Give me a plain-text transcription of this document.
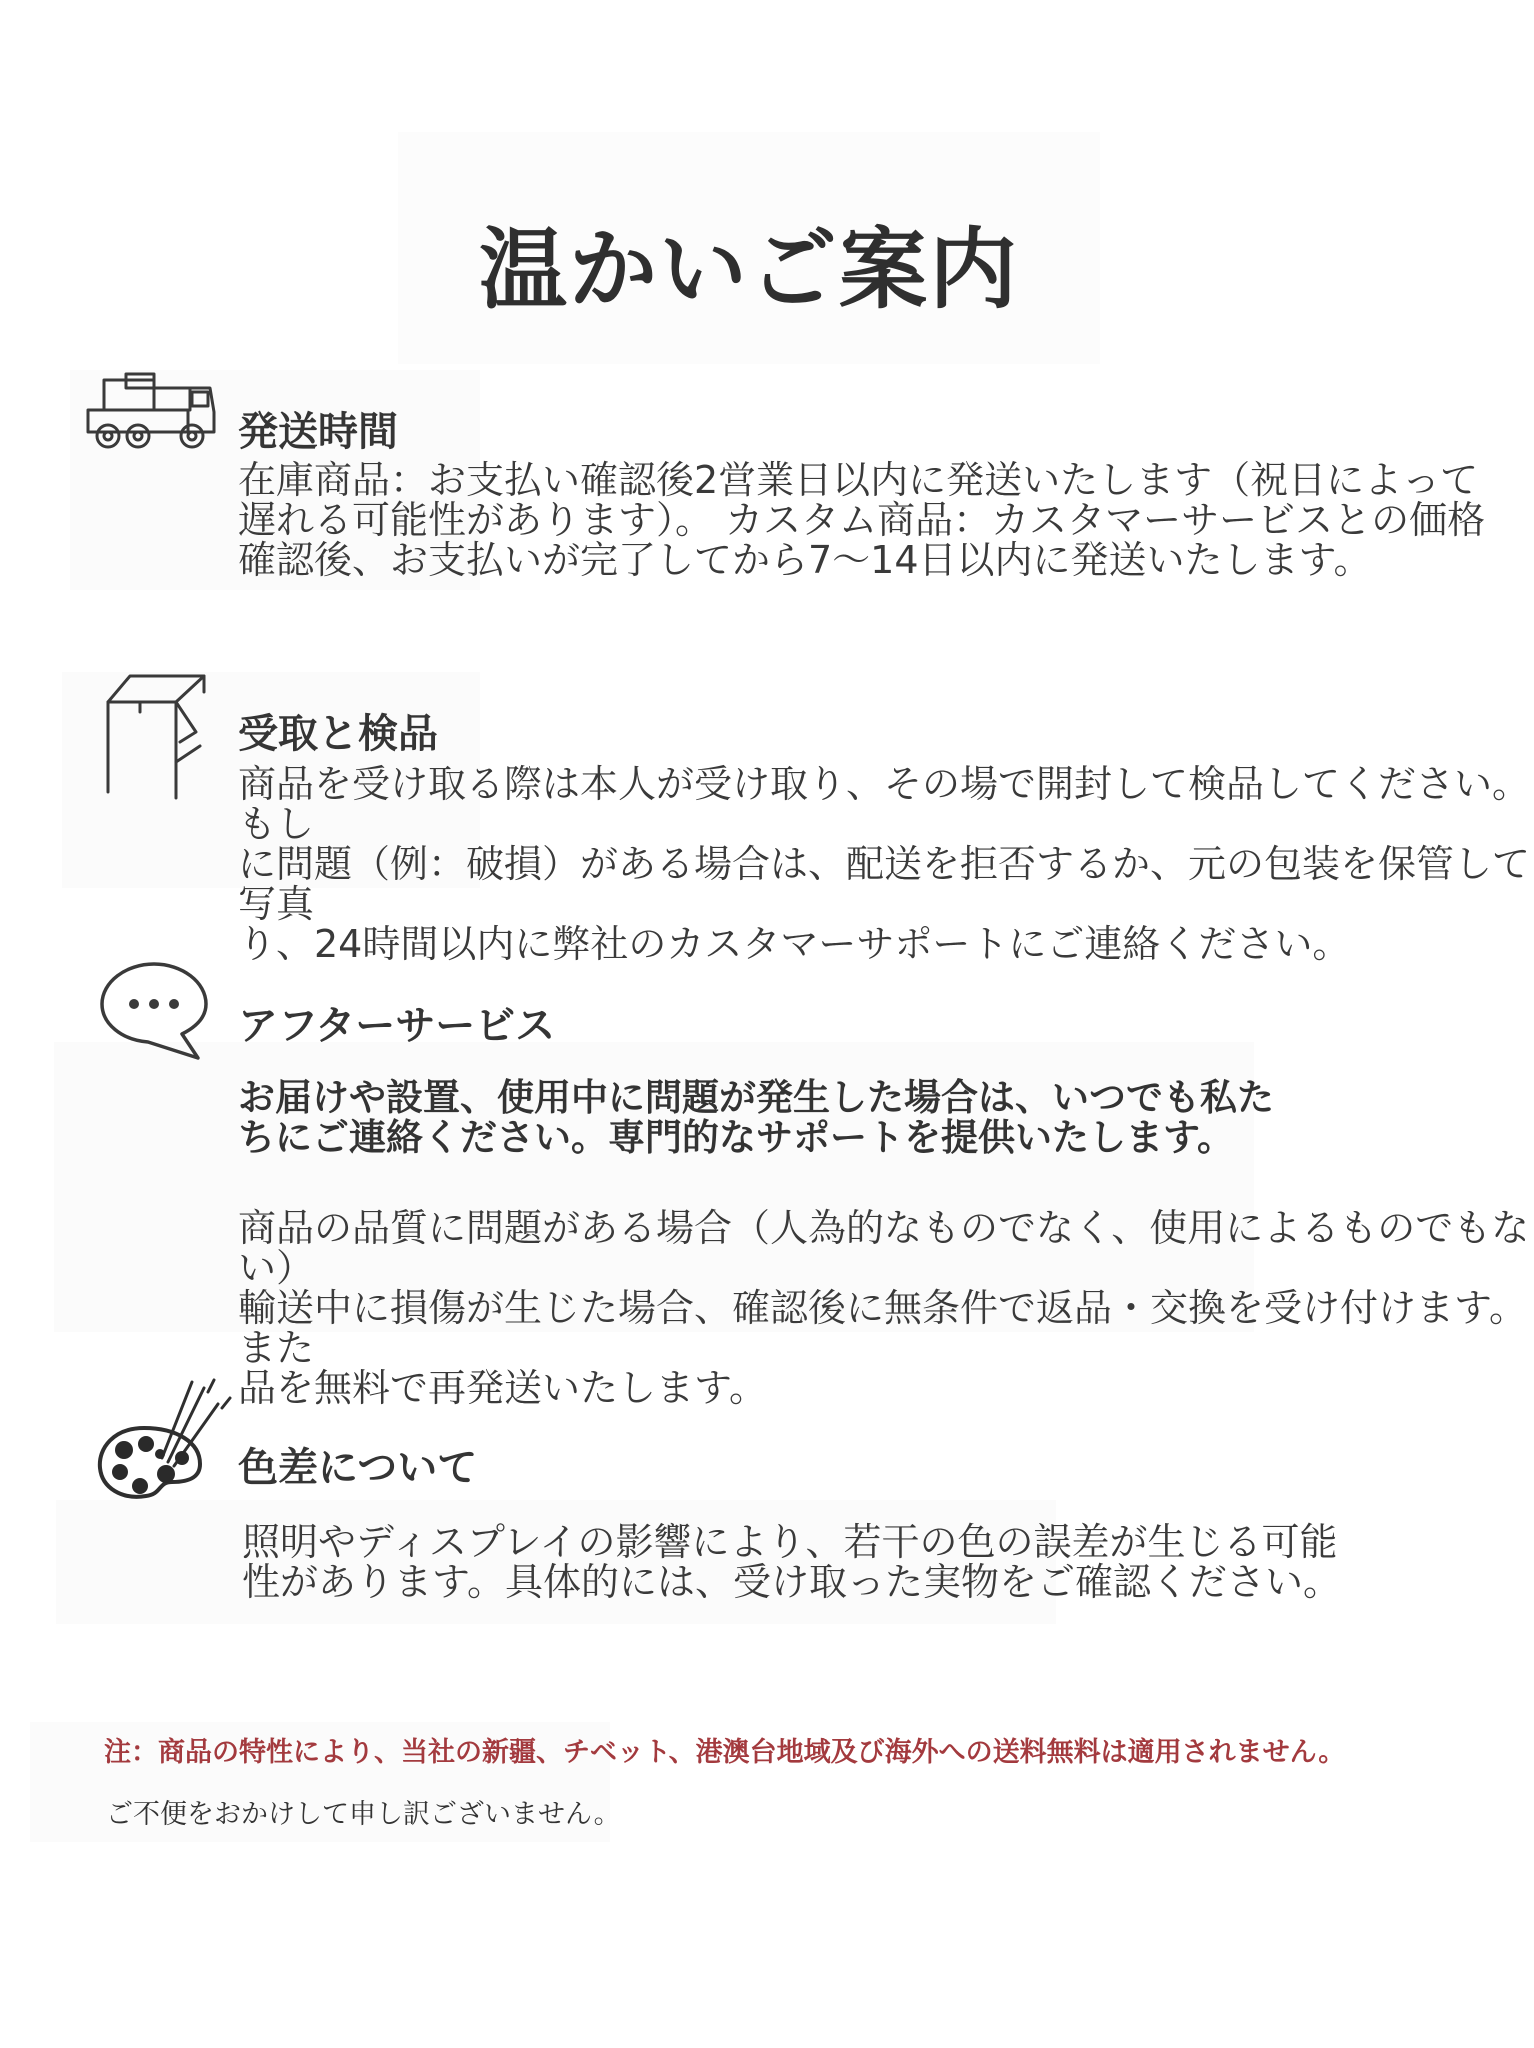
温かいご案内
発送時間

在庫商品：お支払い確認後2営業日以内に発送いたします（祝日によって
遅れる可能性があります）。 カスタム商品：カスタマーサービスとの価格
確認後、お支払いが完了してから7〜14日以内に発送いたします。

受取と検品

商品を受け取る際は本人が受け取り、その場で開封して検品してください。もし
に問題（例：破損）がある場合は、配送を拒否するか、元の包装を保管して写真
り、24時間以内に弊社のカスタマーサポートにご連絡ください。

アフターサービス

お届けや設置、使用中に問題が発生した場合は、いつでも私た
ちにご連絡ください。専門的なサポートを提供いたします。

商品の品質に問題がある場合（人為的なものでなく、使用によるものでもない）
輸送中に損傷が生じた場合、確認後に無条件で返品・交換を受け付けます。また
品を無料で再発送いたします。

色差について

照明やディスプレイの影響により、若干の色の誤差が生じる可能
性があります。具体的には、受け取った実物をご確認ください。

注：商品の特性により、当社の新疆、チベット、港澳台地域及び海外への送料無料は適用されません。

ご不便をおかけして申し訳ございません。
